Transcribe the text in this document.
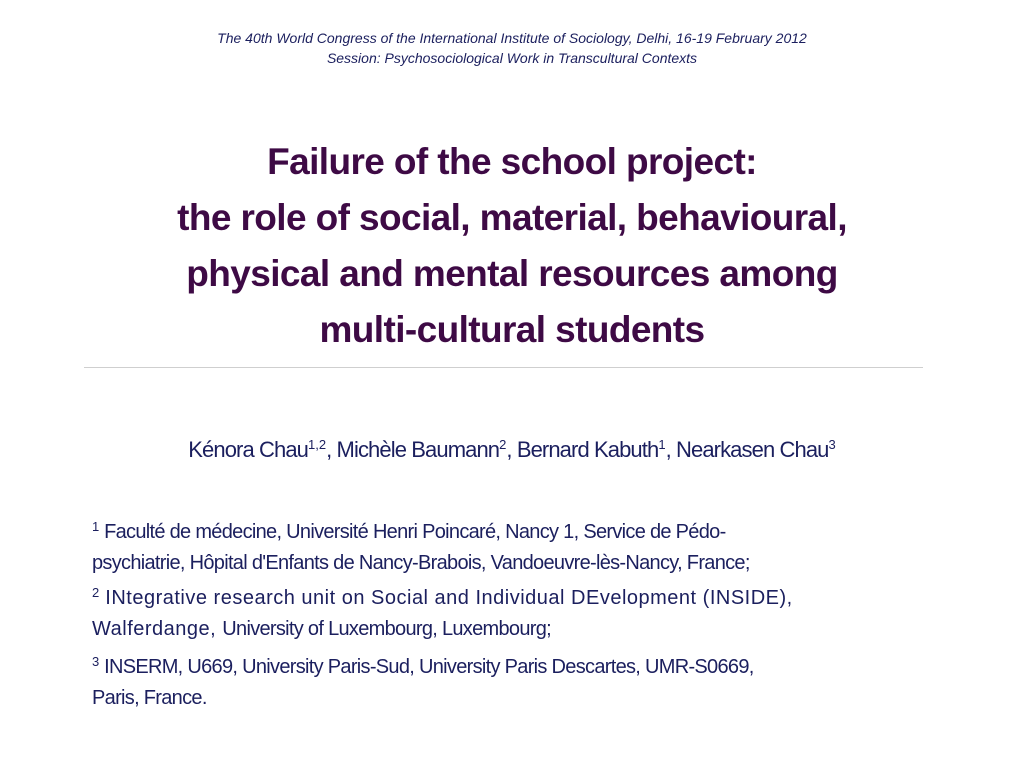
The 40th World Congress of the International Institute of Sociology, Delhi, 16-19 February 2012
Session: Psychosociological Work in Transcultural Contexts
Failure of the school project:
the role of social, material, behavioural,
physical and mental resources among
multi-cultural students
Kénora Chau$^{1,2}$, Michèle Baumann$^2$, Bernard Kabuth$^1$, Nearkasen Chau$^3$
$^1$ Faculté de médecine, Université Henri Poincaré, Nancy 1, Service de Pédo-
psychiatrie, Hôpital d'Enfants de Nancy-Brabois, Vandoeuvre-lès-Nancy, France;
$^2$ INtegrative research unit on Social and Individual DEvelopment (INSIDE),
Walferdange, University of Luxembourg, Luxembourg;
$^3$ INSERM, U669, University Paris-Sud, University Paris Descartes, UMR-S0669,
Paris, France.
